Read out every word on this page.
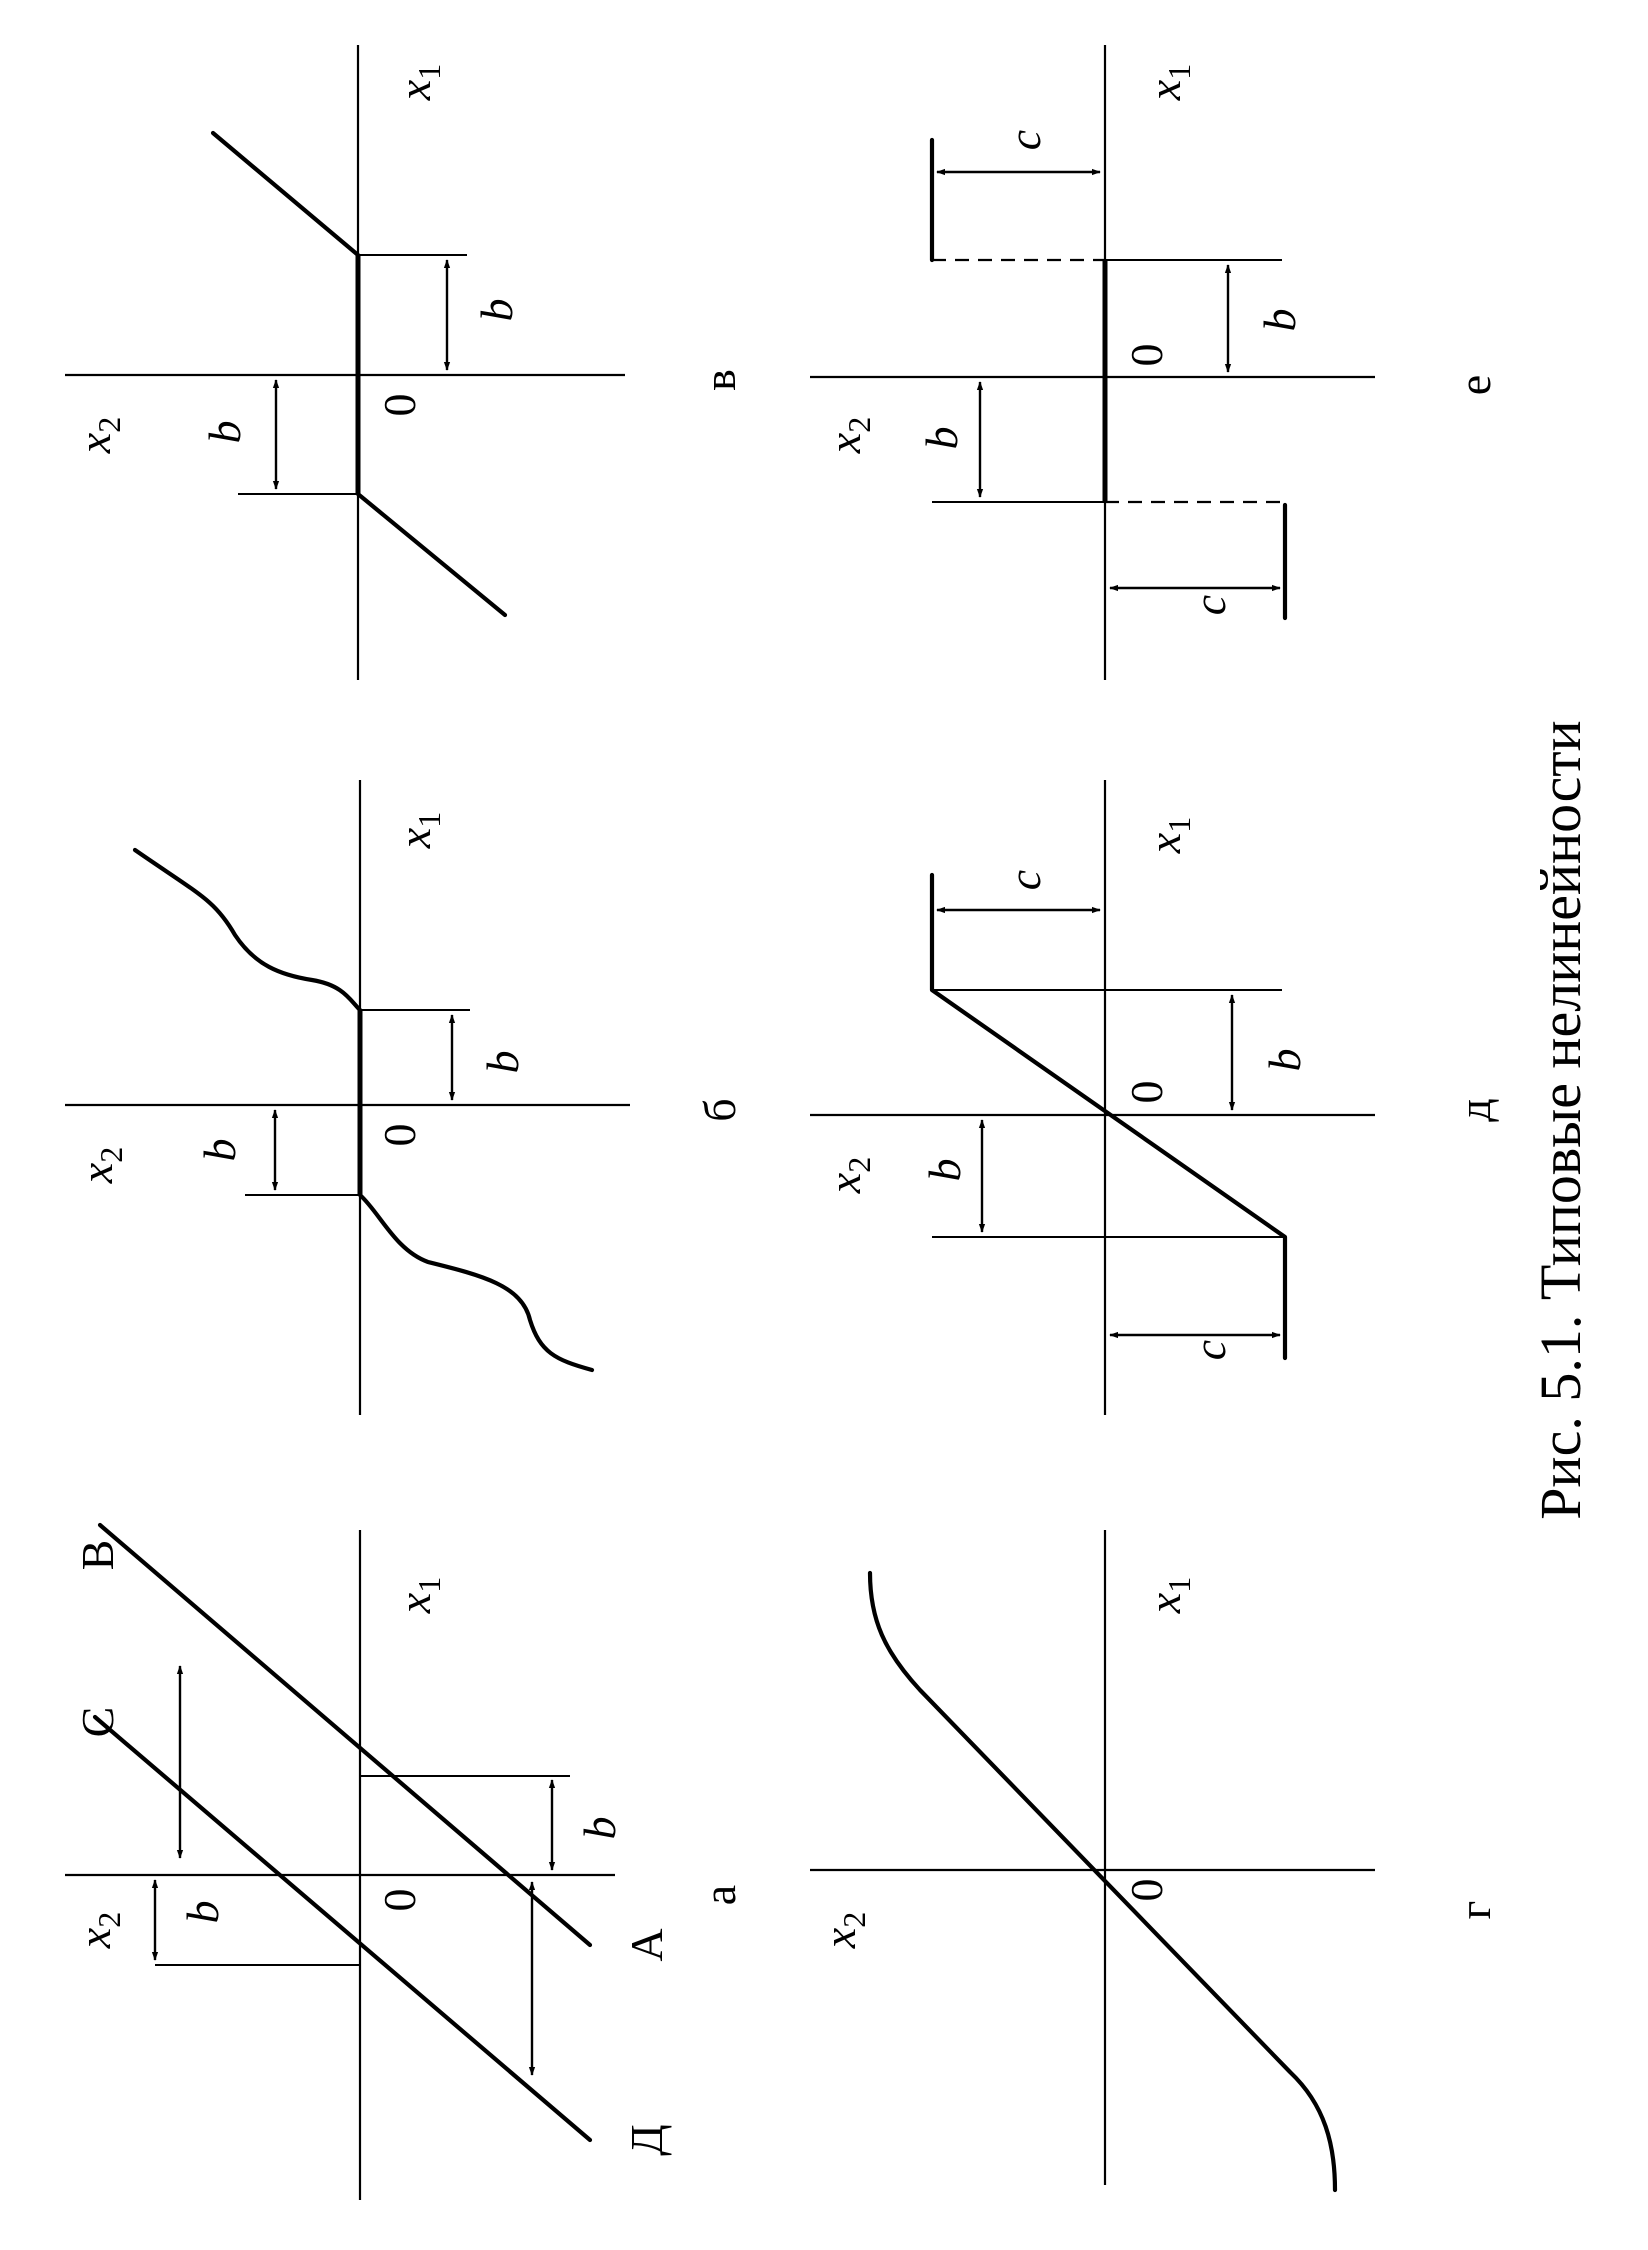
Рис. 5.1. Типовые нелинейности
$x_2$
$x_1$
0
b
b
А
В
С
Д
а
$x_2$
$x_1$
0
b
b
б
$x_2$
$x_1$
0
b
b
в
$x_2$
$x_1$
0
г
$x_2$
$x_1$
0
b
b
c
c
д
$x_2$
$x_1$
0
b
b
c
c
е
